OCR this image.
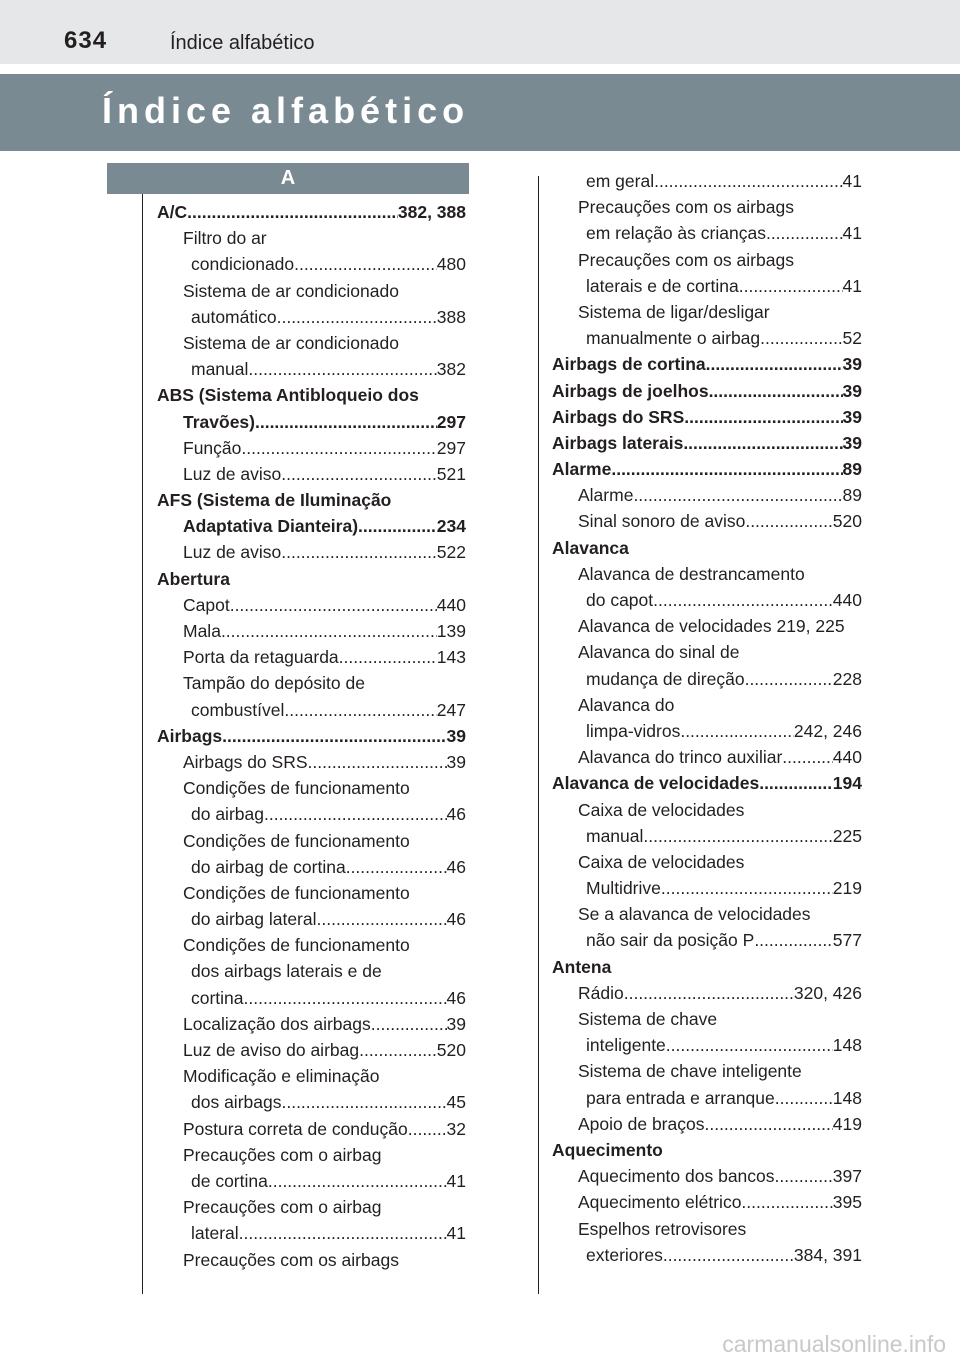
634	Índice alfabético
Índice alfabético
A
A/C .....	382, 388
Filtro do ar
condicionado .....	480
Sistema de ar condicionado
automático .....	388
Sistema de ar condicionado
manual .....	382
ABS (Sistema Antibloqueio dos
Travões) .....	297
Função .....	297
Luz de aviso .....	521
AFS (Sistema de Iluminação
Adaptativa Dianteira) .....	234
Luz de aviso .....	522
Abertura
Capot .....	440
Mala .....	139
Porta da retaguarda .....	143
Tampão do depósito de
combustível .....	247
Airbags .....	39
Airbags do SRS .....	39
Condições de funcionamento
do airbag .....	46
Condições de funcionamento
do airbag de cortina .....	46
Condições de funcionamento
do airbag lateral .....	46
Condições de funcionamento
dos airbags laterais e de
cortina .....	46
Localização dos airbags .....	39
Luz de aviso do airbag .....	520
Modificação e eliminação
dos airbags .....	45
Postura correta de condução ..... 32
Precauções com o airbag
de cortina .....	41
Precauções com o airbag
lateral .....	41
Precauções com os airbags
em geral .....	41
Precauções com os airbags
em relação às crianças .....	41
Precauções com os airbags
laterais e de cortina .....	41
Sistema de ligar/desligar
manualmente o airbag .....	52
Airbags de cortina .....	39
Airbags de joelhos .....	39
Airbags do SRS .....	39
Airbags laterais .....	39
Alarme .....	89
Alarme .....	89
Sinal sonoro de aviso .....	520
Alavanca
Alavanca de destrancamento
do capot .....	440
Alavanca de velocidades 219, 225
Alavanca do sinal de
mudança de direção .....	228
Alavanca do
limpa-vidros .....	242, 246
Alavanca do trinco auxiliar .....	440
Alavanca de velocidades .....	194
Caixa de velocidades
manual .....	225
Caixa de velocidades
Multidrive .....	219
Se a alavanca de velocidades
não sair da posição P .....	577
Antena
Rádio .....	320, 426
Sistema de chave
inteligente .....	148
Sistema de chave inteligente
para entrada e arranque .....	148
Apoio de braços .....	419
Aquecimento
Aquecimento dos bancos .....	397
Aquecimento elétrico .....	395
Espelhos retrovisores
exteriores .....	384, 391
carmanualsonline.info
